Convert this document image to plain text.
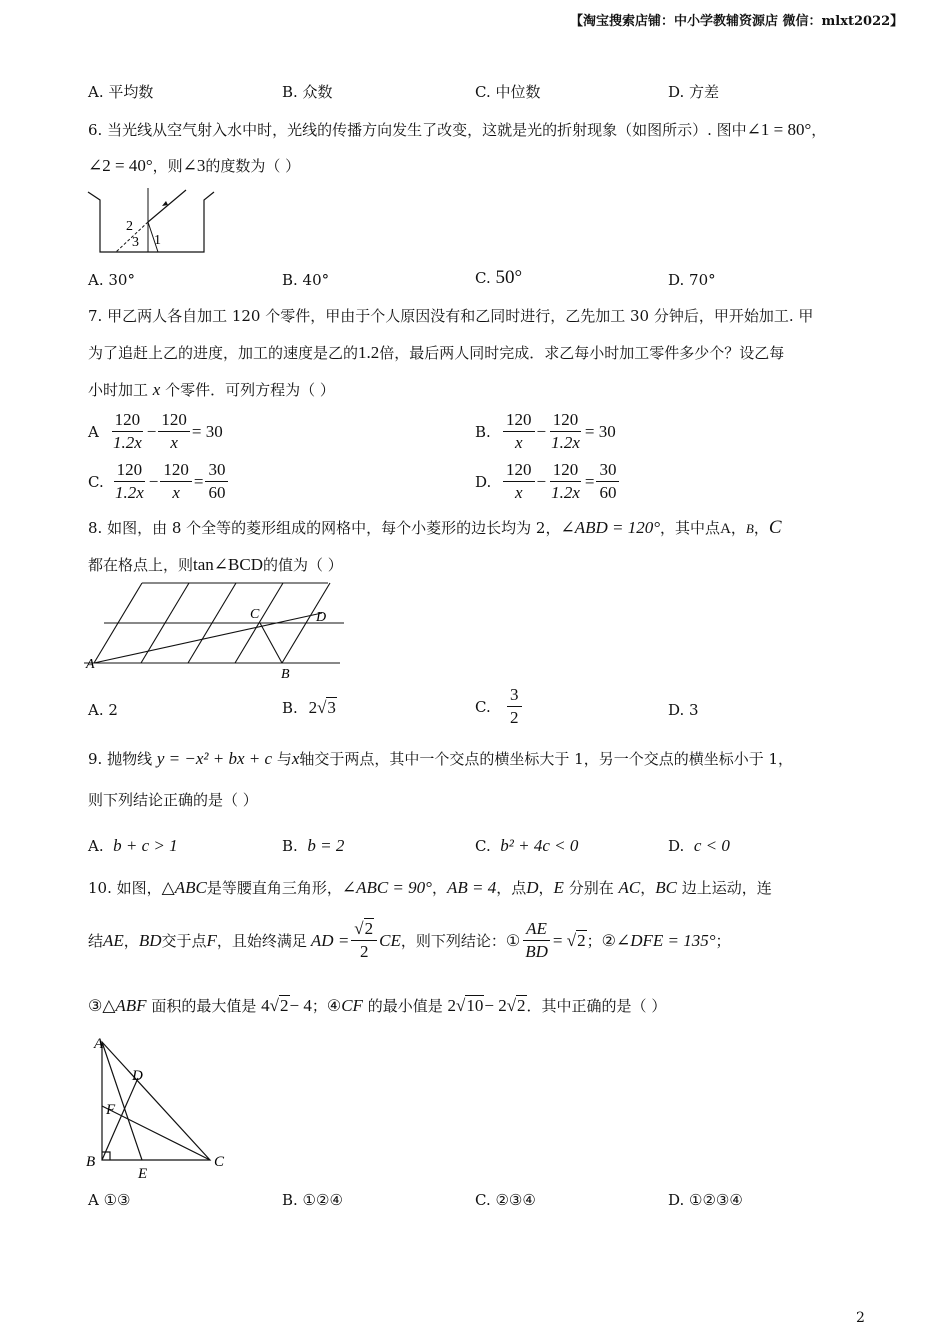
【淘宝搜索店铺：中小学教辅资源店 微信：mlxt2022】
A. 平均数	B. 众数	C. 中位数	D. 方差
6. 当光线从空气射入水中时，光线的传播方向发生了改变，这就是光的折射现象（如图所示）. 图中∠1 = 80°，
∠2 = 40°，则∠3的度数为（ ）
2
3 1
A. 30°	B. 40°	C. 50°	D. 70°
7. 甲乙两人各自加工 120 个零件，甲由于个人原因没有和乙同时进行，乙先加工 30 分钟后，甲开始加工. 甲
为了追赶上乙的进度，加工的速度是乙的1.2倍，最后两人同时完成．求乙每小时加工零件多少个？设乙每
小时加工 x 个零件．可列方程为（ ）
A $\frac{120}{1.2x} - \frac{120}{x} = 30$	B. $\frac{120}{x} - \frac{120}{1.2x} = 30$
C. $\frac{120}{1.2x} - \frac{120}{x} = \frac{30}{60}$	D. $\frac{120}{x} - \frac{120}{1.2x} = \frac{30}{60}$
8. 如图，由 8 个全等的菱形组成的网格中，每个小菱形的边长均为 2，∠ABD = 120°，其中点A，B，C
都在格点上，则tan∠BCD的值为（ ）
A
B
C	D
A. 2	B. 2√3	C. $\frac{3}{2}$	D. 3
9. 抛物线 y = −x² + bx + c 与x轴交于两点，其中一个交点的横坐标大于 1，另一个交点的横坐标小于 1，
则下列结论正确的是（ ）
A. b + c > 1	B. b = 2	C. b² + 4c < 0	D. c < 0
10. 如图，△ABC是等腰直角三角形，∠ABC = 90°，AB = 4，点D，E 分别在 AC，BC 边上运动，连
结 AE ， BD 交于点 F ，且始终满足 AD = $\frac{√2}{2}$ CE ，则下列结论： ① $\frac{AE}{BD}$ = √ 2 ； ② ∠DFE = 135° ；
③△ABF 面积的最大值是 4√2− 4；④CF 的最小值是 2√10− 2√2．其中正确的是（ ）
A
D
F
B
E
C
A ①③	B. ①②④	C. ②③④	D. ①②③④
2
